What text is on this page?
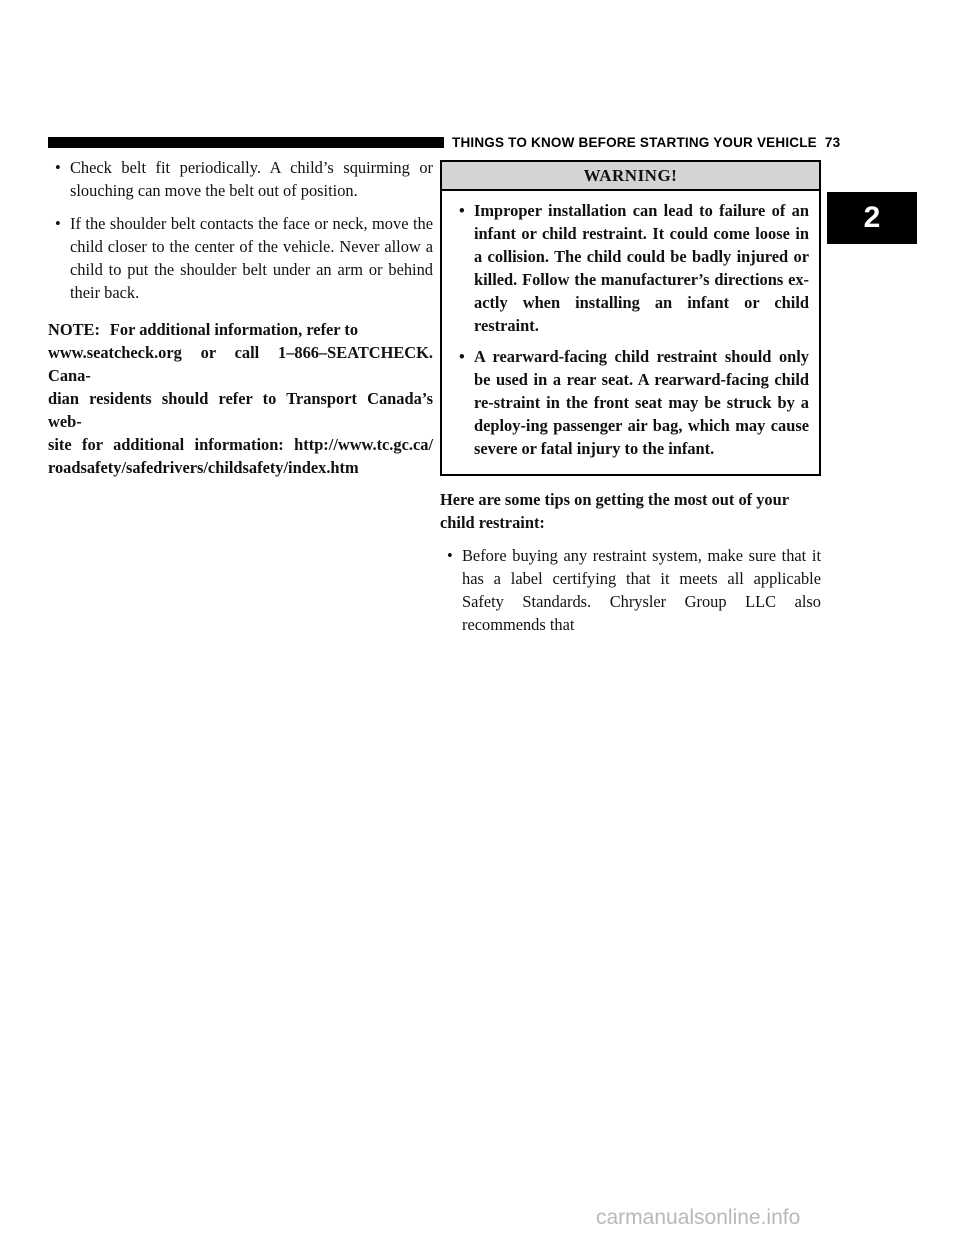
THINGS TO KNOW BEFORE STARTING YOUR VEHICLE 73
2

• Check belt fit periodically. A child’s squirming or slouching can move the belt out of position.

• If the shoulder belt contacts the face or neck, move the child closer to the center of the vehicle. Never allow a child to put the shoulder belt under an arm or behind their back.

NOTE: For additional information, refer to
www.seatcheck.org or call 1–866–SEATCHECK. Cana-
dian residents should refer to Transport Canada’s web-
site for additional information: http://www.tc.gc.ca/
roadsafety/safedrivers/childsafety/index.htm
WARNING!

• Improper installation can lead to failure of an infant or child restraint. It could come loose in a collision. The child could be badly injured or killed. Follow the manufacturer’s directions ex-actly when installing an infant or child restraint.

• A rearward-facing child restraint should only be used in a rear seat. A rearward-facing child re-straint in the front seat may be struck by a deploy-ing passenger air bag, which may cause severe or fatal injury to the infant.

Here are some tips on getting the most out of your child restraint:

• Before buying any restraint system, make sure that it has a label certifying that it meets all applicable Safety Standards. Chrysler Group LLC also recommends that

carmanualsonline.info
